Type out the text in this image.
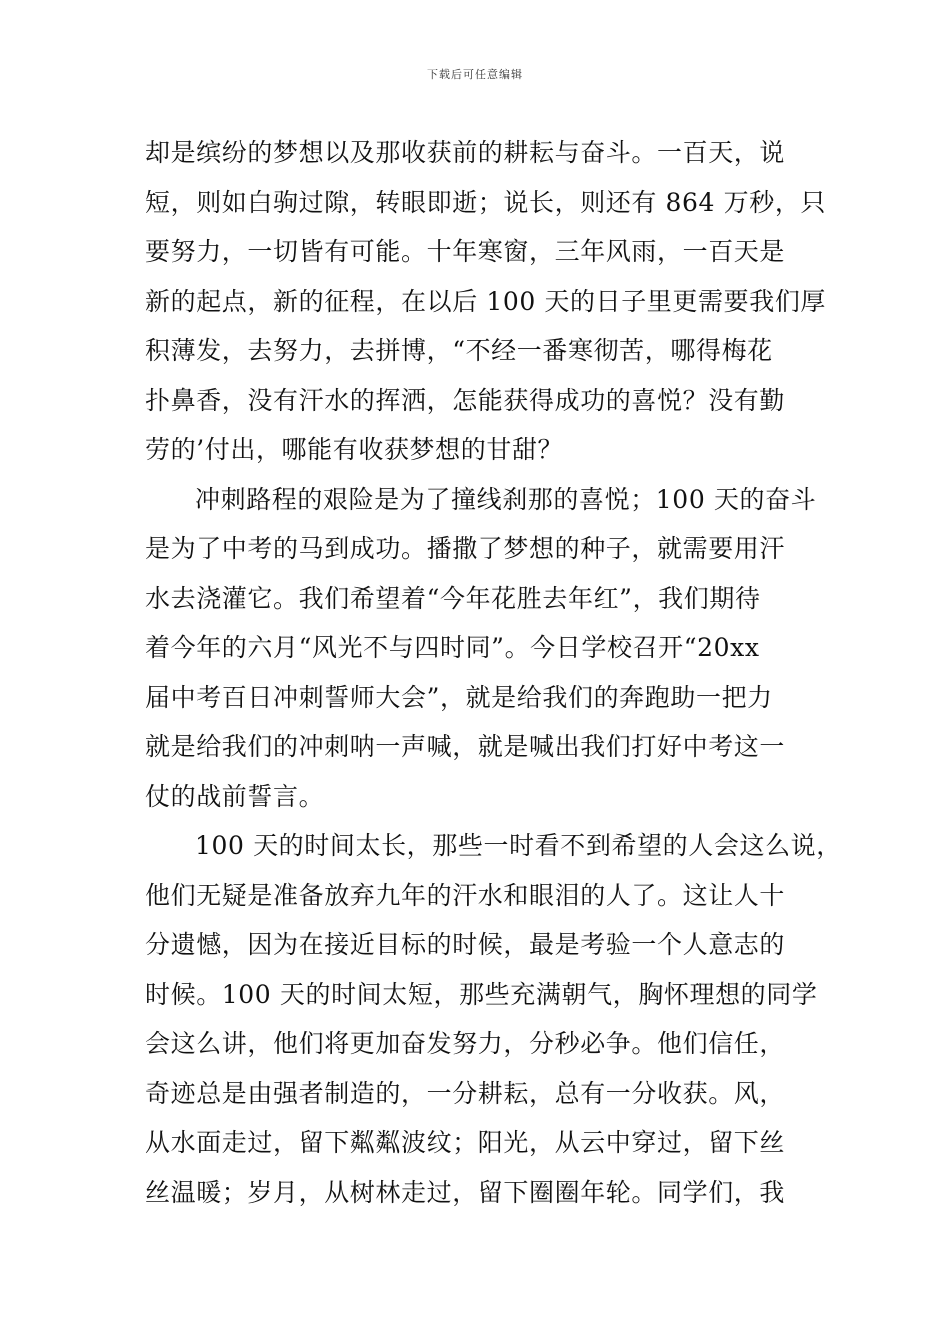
下载后可任意编辑
却是缤纷的梦想以及那收获前的耕耘与奋斗。一百天，说
短，则如白驹过隙，转眼即逝；说长，则还有 864 万秒，只
要努力，一切皆有可能。十年寒窗，三年风雨，一百天是
新的起点，新的征程，在以后 100 天的日子里更需要我们厚
积薄发，去努力，去拼博，“不经一番寒彻苦，哪得梅花
扑鼻香，没有汗水的挥洒，怎能获得成功的喜悦？没有勤
劳的’付出，哪能有收获梦想的甘甜？
冲刺路程的艰险是为了撞线刹那的喜悦；100 天的奋斗
是为了中考的马到成功。播撒了梦想的种子，就需要用汗
水去浇灌它。我们希望着“今年花胜去年红”，我们期待
着今年的六月“风光不与四时同”。今日学校召开“20xx
届中考百日冲刺誓师大会”，就是给我们的奔跑助一把力
就是给我们的冲刺呐一声喊，就是喊出我们打好中考这一
仗的战前誓言。
100 天的时间太长，那些一时看不到希望的人会这么说，
他们无疑是准备放弃九年的汗水和眼泪的人了。这让人十
分遗憾，因为在接近目标的时候，最是考验一个人意志的
时候。100 天的时间太短，那些充满朝气，胸怀理想的同学
会这么讲，他们将更加奋发努力，分秒必争。他们信任，
奇迹总是由强者制造的，一分耕耘，总有一分收获。风，
从水面走过，留下粼粼波纹；阳光，从云中穿过，留下丝
丝温暖；岁月，从树林走过，留下圈圈年轮。同学们，我
